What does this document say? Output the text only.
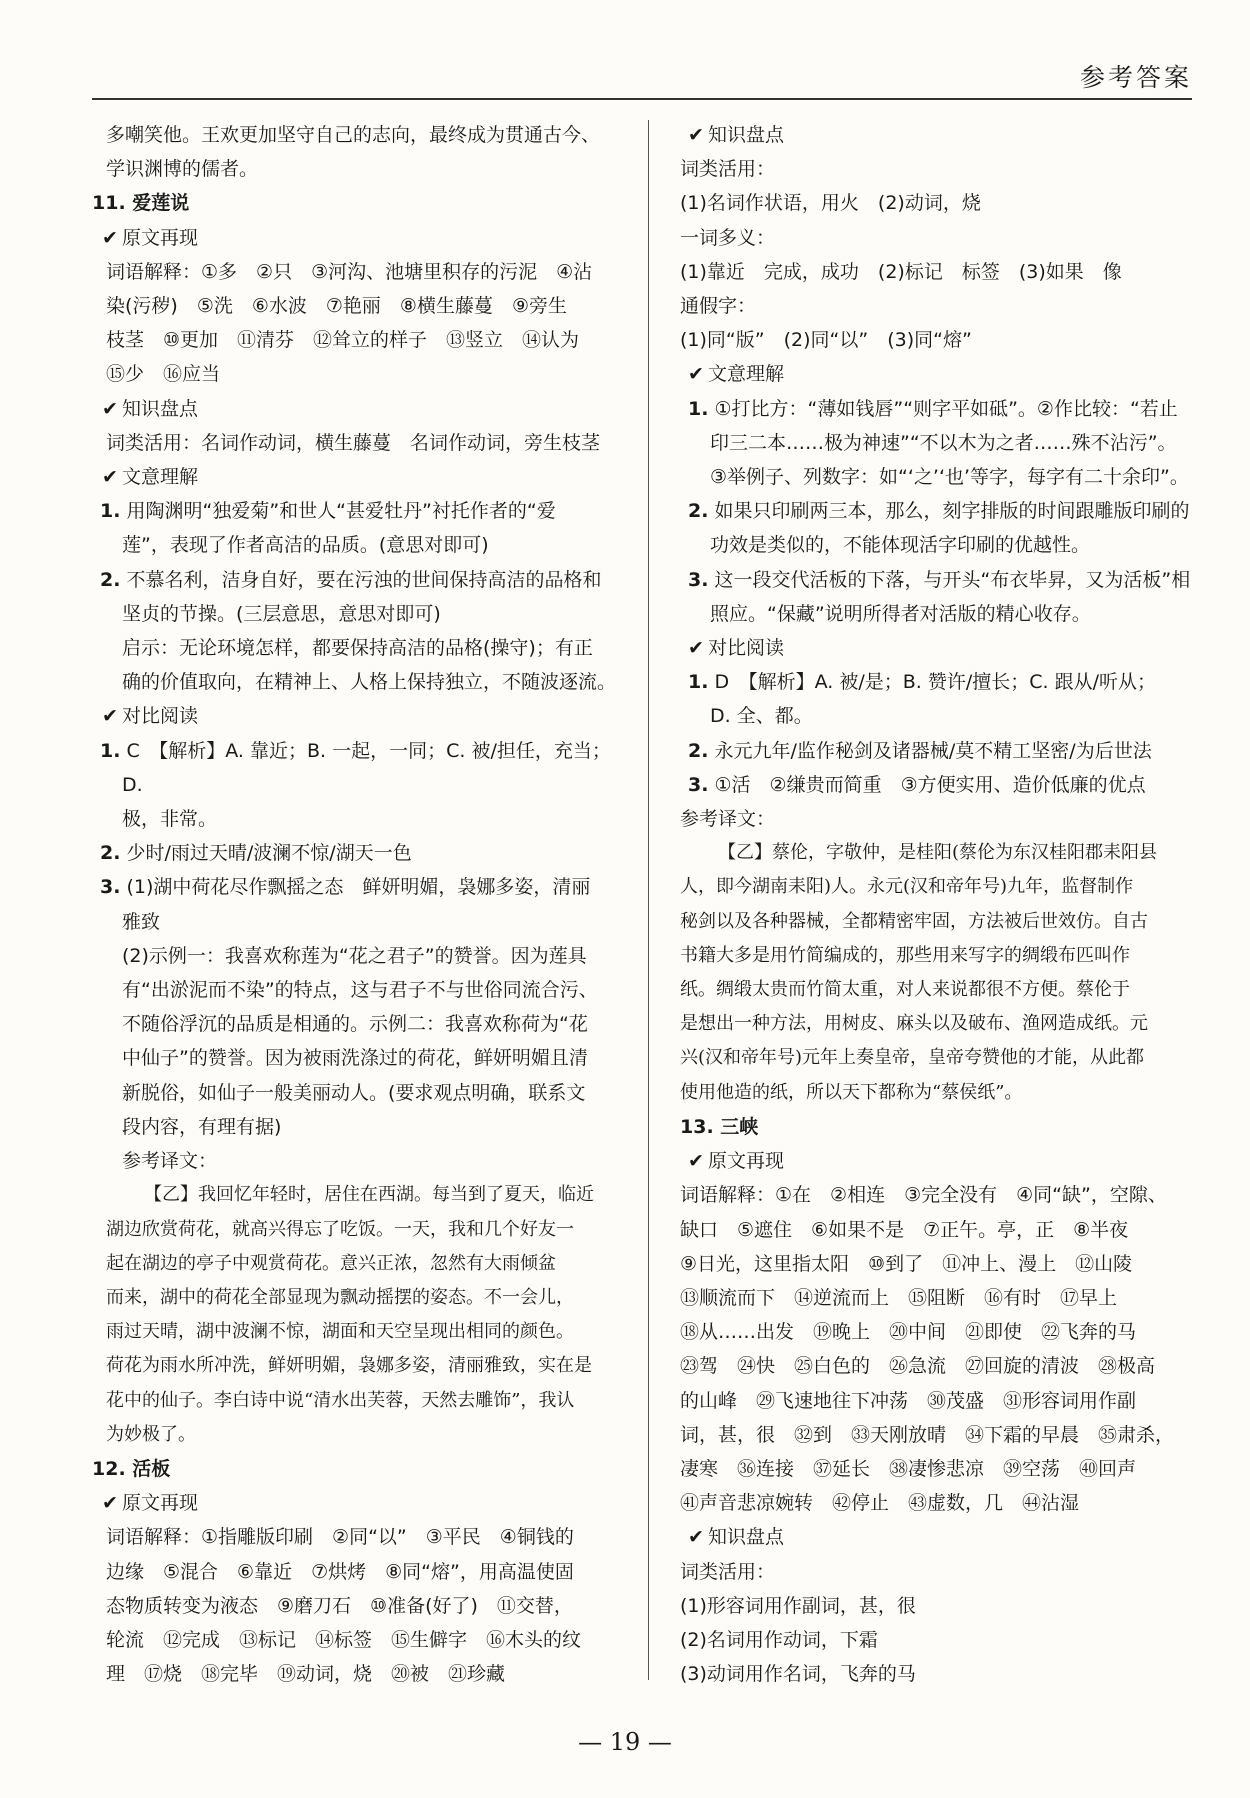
参考答案

多嘲笑他。王欢更加坚守自己的志向，最终成为贯通古今、

学识渊博的儒者。

11. 爱莲说

✔ 原文再现

词语解释：①多　②只　③河沟、池塘里积存的污泥　④沾

染(污秽)　⑤洗　⑥水波　⑦艳丽　⑧横生藤蔓　⑨旁生

枝茎　⑩更加　⑪清芬　⑫耸立的样子　⑬竖立　⑭认为

⑮少　⑯应当

✔ 知识盘点

词类活用：名词作动词，横生藤蔓　名词作动词，旁生枝茎

✔ 文意理解

1. 用陶渊明“独爱菊”和世人“甚爱牡丹”衬托作者的“爱

莲”，表现了作者高洁的品质。(意思对即可)

2. 不慕名利，洁身自好，要在污浊的世间保持高洁的品格和

坚贞的节操。(三层意思，意思对即可)

启示：无论环境怎样，都要保持高洁的品格(操守)；有正

确的价值取向，在精神上、人格上保持独立，不随波逐流。

✔ 对比阅读

1. C　【解析】A. 靠近；B. 一起，一同；C. 被/担任，充当；D.

极，非常。

2. 少时/雨过天晴/波澜不惊/湖天一色

3. (1)湖中荷花尽作飘摇之态　鲜妍明媚，袅娜多姿，清丽

雅致

(2)示例一：我喜欢称莲为“花之君子”的赞誉。因为莲具

有“出淤泥而不染”的特点，这与君子不与世俗同流合污、

不随俗浮沉的品质是相通的。示例二：我喜欢称荷为“花

中仙子”的赞誉。因为被雨洗涤过的荷花，鲜妍明媚且清

新脱俗，如仙子一般美丽动人。(要求观点明确，联系文

段内容，有理有据)

参考译文：

【乙】我回忆年轻时，居住在西湖。每当到了夏天，临近

湖边欣赏荷花，就高兴得忘了吃饭。一天，我和几个好友一

起在湖边的亭子中观赏荷花。意兴正浓，忽然有大雨倾盆

而来，湖中的荷花全部显现为飘动摇摆的姿态。不一会儿，

雨过天晴，湖中波澜不惊，湖面和天空呈现出相同的颜色。

荷花为雨水所冲洗，鲜妍明媚，袅娜多姿，清丽雅致，实在是

花中的仙子。李白诗中说“清水出芙蓉，天然去雕饰”，我认

为妙极了。

12. 活板

✔ 原文再现

词语解释：①指雕版印刷　②同“以”　③平民　④铜钱的

边缘　⑤混合　⑥靠近　⑦烘烤　⑧同“熔”，用高温使固

态物质转变为液态　⑨磨刀石　⑩准备(好了)　⑪交替，

轮流　⑫完成　⑬标记　⑭标签　⑮生僻字　⑯木头的纹

理　⑰烧　⑱完毕　⑲动词，烧　⑳被　㉑珍藏

✔ 知识盘点

词类活用：

(1)名词作状语，用火　(2)动词，烧

一词多义：

(1)靠近　完成，成功　(2)标记　标签　(3)如果　像

通假字：

(1)同“版”　(2)同“以”　(3)同“熔”

✔ 文意理解

1. ①打比方：“薄如钱唇”“则字平如砥”。②作比较：“若止

印三二本……极为神速”“不以木为之者……殊不沾污”。

③举例子、列数字：如“‘之’‘也’等字，每字有二十余印”。

2. 如果只印刷两三本，那么，刻字排版的时间跟雕版印刷的

功效是类似的，不能体现活字印刷的优越性。

3. 这一段交代活板的下落，与开头“布衣毕昇，又为活板”相

照应。“保藏”说明所得者对活版的精心收存。

✔ 对比阅读

1. D　【解析】A. 被/是；B. 赞许/擅长；C. 跟从/听从；

D. 全、都。

2. 永元九年/监作秘剑及诸器械/莫不精工坚密/为后世法

3. ①活　②缣贵而简重　③方便实用、造价低廉的优点

参考译文：

【乙】蔡伦，字敬仲，是桂阳(蔡伦为东汉桂阳郡耒阳县

人，即今湖南耒阳)人。永元(汉和帝年号)九年，监督制作

秘剑以及各种器械，全都精密牢固，方法被后世效仿。自古

书籍大多是用竹简编成的，那些用来写字的绸缎布匹叫作

纸。绸缎太贵而竹简太重，对人来说都很不方便。蔡伦于

是想出一种方法，用树皮、麻头以及破布、渔网造成纸。元

兴(汉和帝年号)元年上奏皇帝，皇帝夸赞他的才能，从此都

使用他造的纸，所以天下都称为“蔡侯纸”。

13. 三峡

✔ 原文再现

词语解释：①在　②相连　③完全没有　④同“缺”，空隙、

缺口　⑤遮住　⑥如果不是　⑦正午。亭，正　⑧半夜

⑨日光，这里指太阳　⑩到了　⑪冲上、漫上　⑫山陵

⑬顺流而下　⑭逆流而上　⑮阻断　⑯有时　⑰早上

⑱从……出发　⑲晚上　⑳中间　㉑即使　㉒飞奔的马

㉓驾　㉔快　㉕白色的　㉖急流　㉗回旋的清波　㉘极高

的山峰　㉙飞速地往下冲荡　㉚茂盛　㉛形容词用作副

词，甚，很　㉜到　㉝天刚放晴　㉞下霜的早晨　㉟肃杀，

凄寒　㊱连接　㊲延长　㊳凄惨悲凉　㊴空荡　㊵回声

㊶声音悲凉婉转　㊷停止　㊸虚数，几　㊹沾湿

✔ 知识盘点

词类活用：

(1)形容词用作副词，甚，很

(2)名词用作动词，下霜

(3)动词用作名词，飞奔的马

— 19 —
